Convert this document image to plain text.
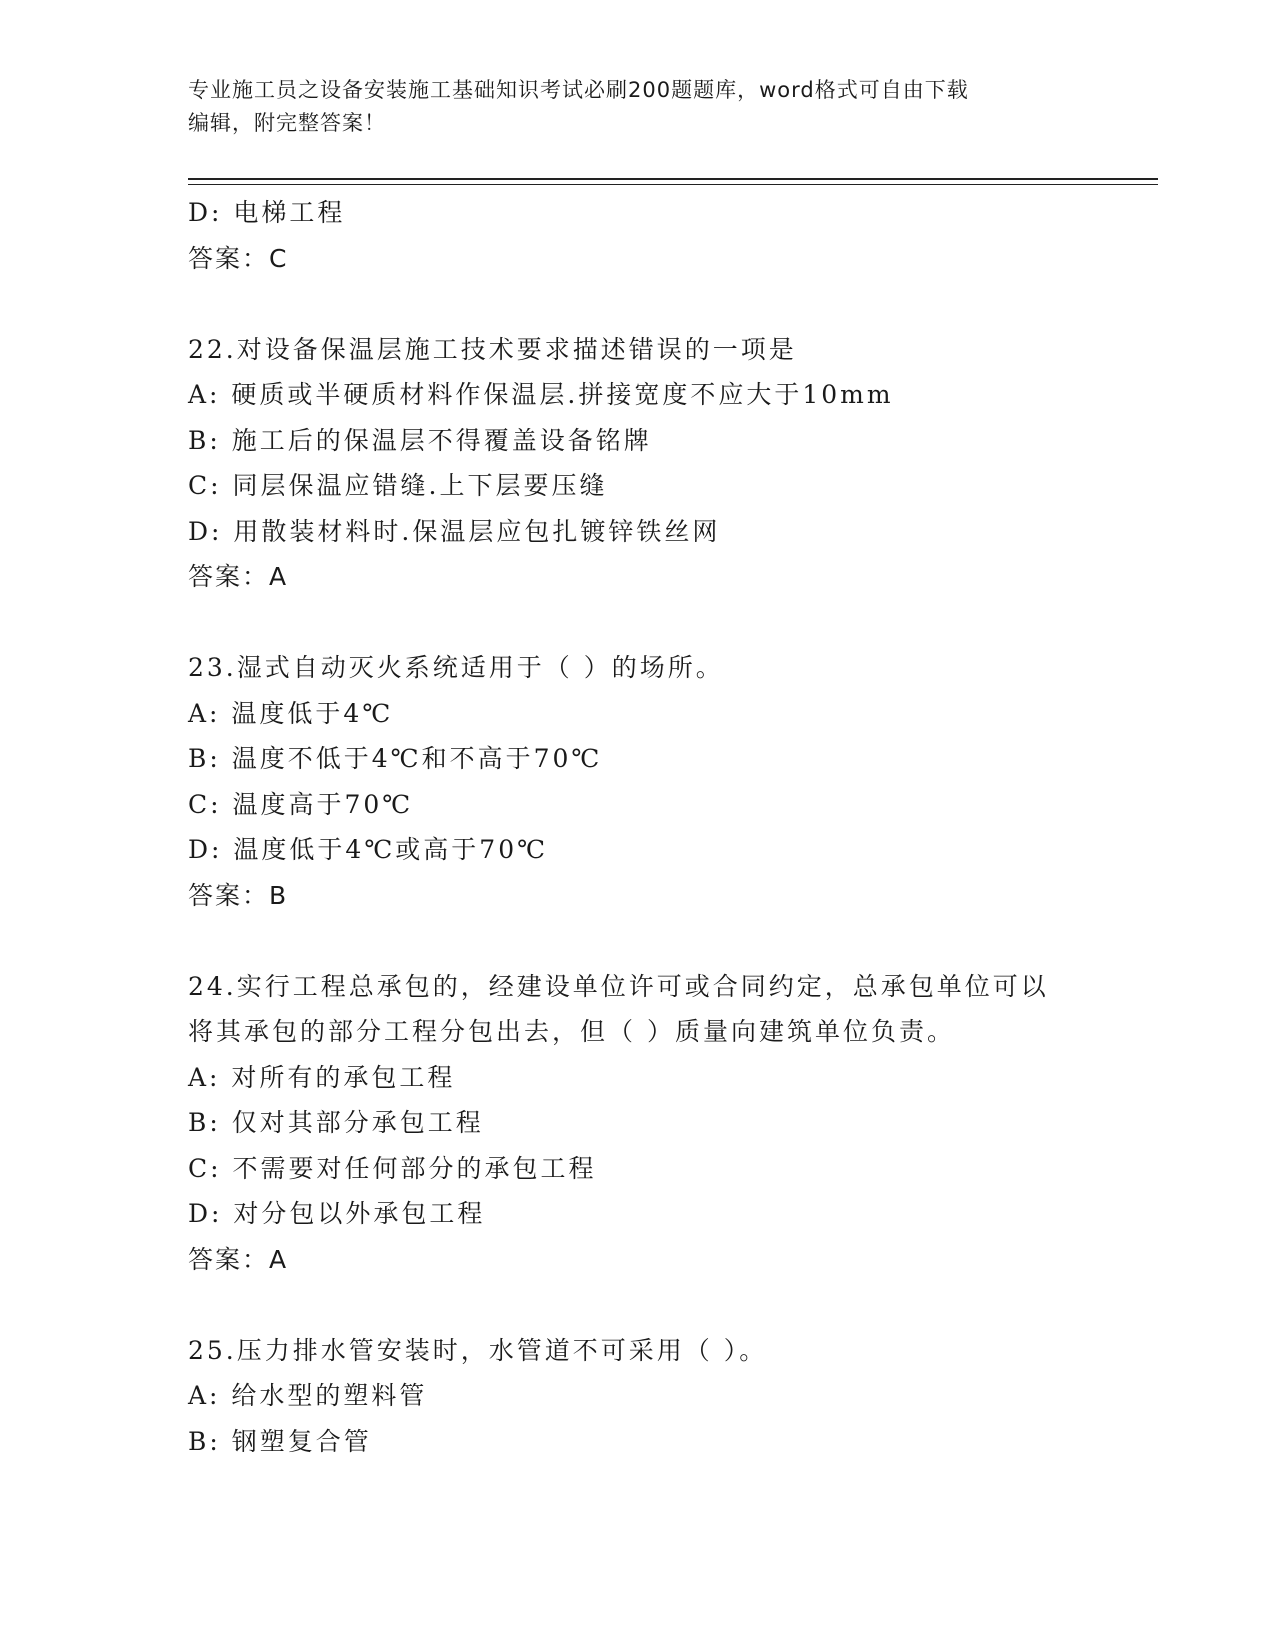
专业施工员之设备安装施工基础知识考试必刷200题题库，word格式可自由下载
编辑，附完整答案！
D: 电梯工程
答案：C
22.对设备保温层施工技术要求描述错误的一项是
A: 硬质或半硬质材料作保温层.拼接宽度不应大于10mm
B: 施工后的保温层不得覆盖设备铭牌
C: 同层保温应错缝.上下层要压缝
D: 用散装材料时.保温层应包扎镀锌铁丝网
答案：A
23.湿式自动灭火系统适用于（ ）的场所。
A: 温度低于4℃
B: 温度不低于4℃和不高于70℃
C: 温度高于70℃
D: 温度低于4℃或高于70℃
答案：B
24.实行工程总承包的，经建设单位许可或合同约定，总承包单位可以
将其承包的部分工程分包出去，但（ ）质量向建筑单位负责。
A: 对所有的承包工程
B: 仅对其部分承包工程
C: 不需要对任何部分的承包工程
D: 对分包以外承包工程
答案：A
25.压力排水管安装时，水管道不可采用（ ）。
A: 给水型的塑料管
B: 钢塑复合管
